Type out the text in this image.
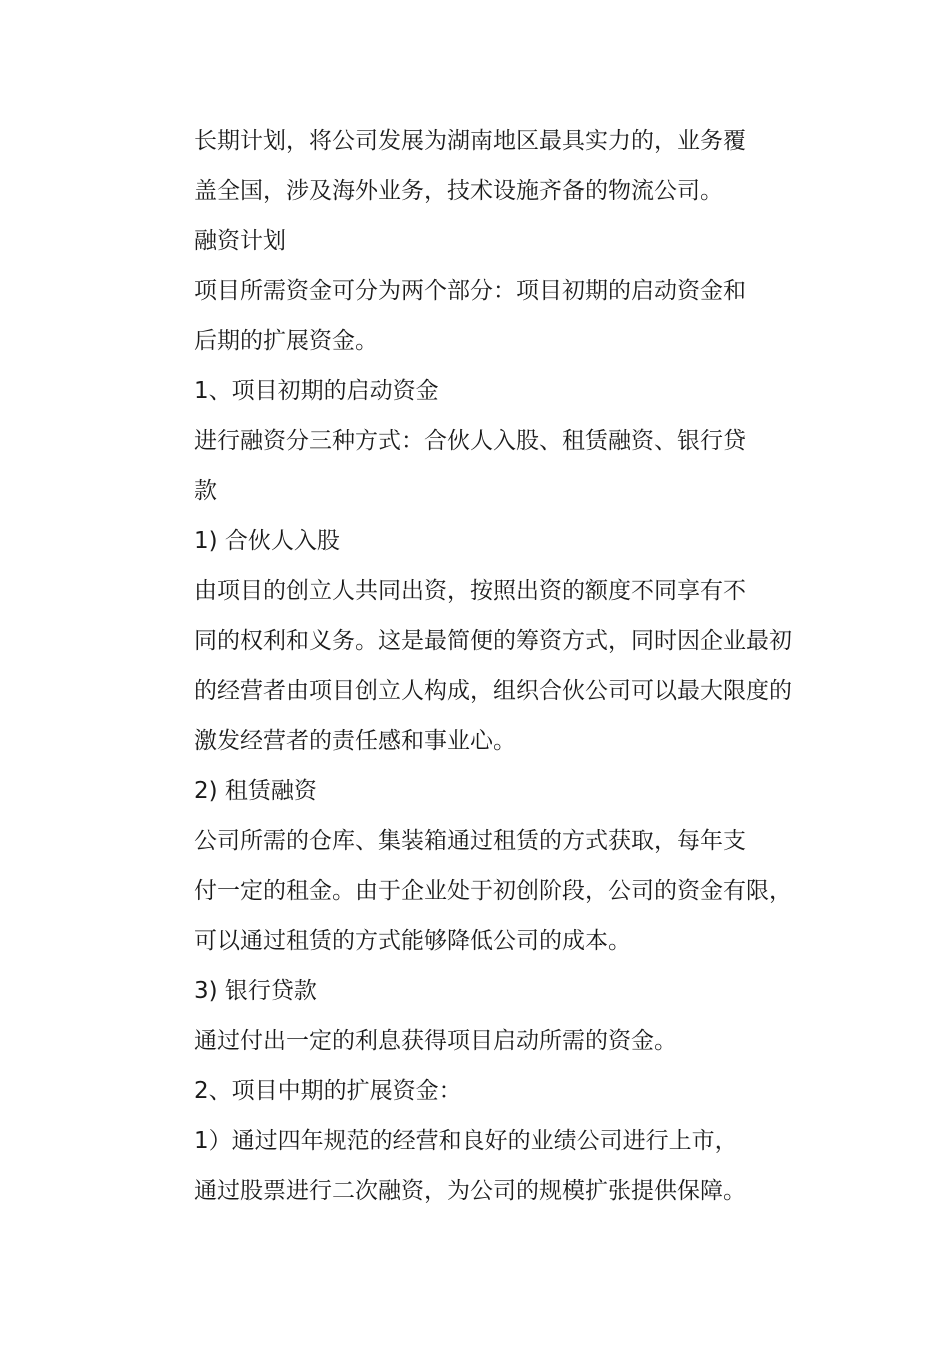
长期计划，将公司发展为湖南地区最具实力的，业务覆
盖全国，涉及海外业务，技术设施齐备的物流公司。

融资计划

项目所需资金可分为两个部分：项目初期的启动资金和
后期的扩展资金。

1、项目初期的启动资金

进行融资分三种方式：合伙人入股、租赁融资、银行贷
款

1) 合伙人入股

由项目的创立人共同出资，按照出资的额度不同享有不
同的权利和义务。这是最简便的筹资方式，同时因企业最初
的经营者由项目创立人构成，组织合伙公司可以最大限度的
激发经营者的责任感和事业心。

2) 租赁融资

公司所需的仓库、集装箱通过租赁的方式获取，每年支
付一定的租金。由于企业处于初创阶段，公司的资金有限，
可以通过租赁的方式能够降低公司的成本。

3) 银行贷款

通过付出一定的利息获得项目启动所需的资金。

2、项目中期的扩展资金：

1）通过四年规范的经营和良好的业绩公司进行上市，
通过股票进行二次融资，为公司的规模扩张提供保障。
